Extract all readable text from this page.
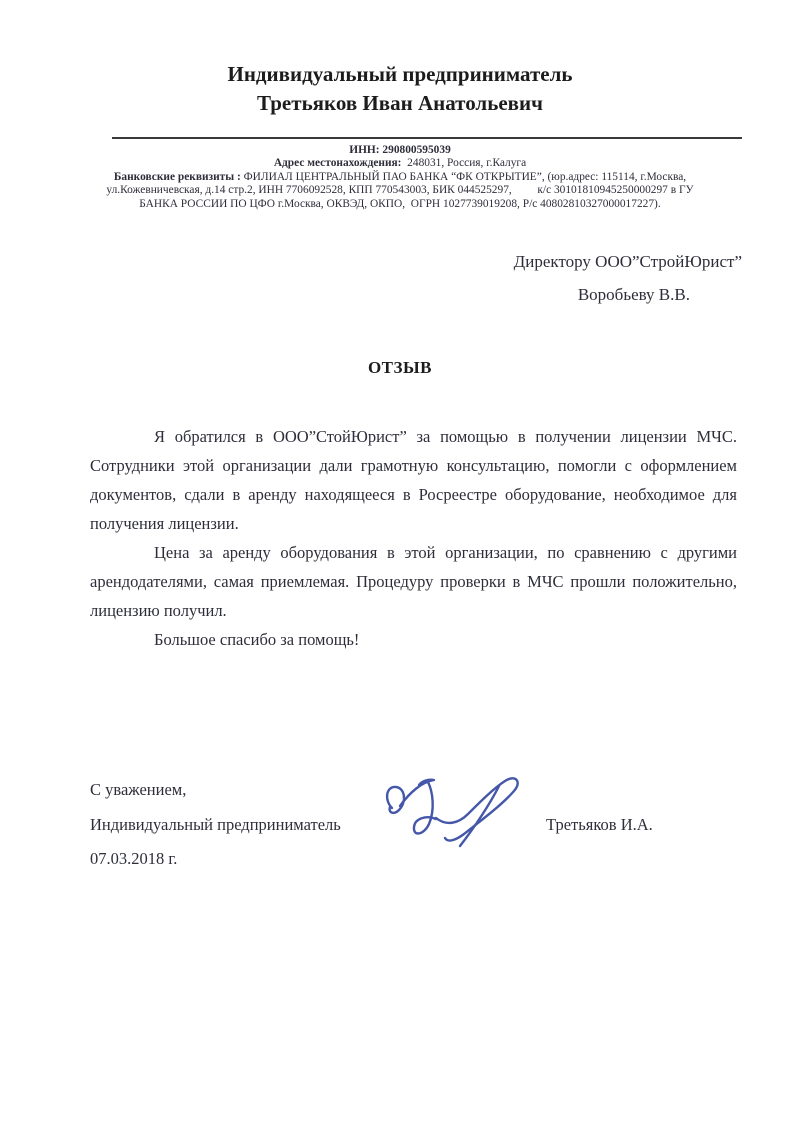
Индивидуальный предприниматель
Третьяков Иван Анатольевич
ИНН: 290800595039
Адрес местонахождения:  248031, Россия, г.Калуга
Банковские реквизиты : ФИЛИАЛ ЦЕНТРАЛЬНЫЙ ПАО БАНКА “ФК ОТКРЫТИЕ”, (юр.адрес: 115114, г.Москва,
ул.Кожевничевская, д.14 стр.2, ИНН 7706092528, КПП 770543003, БИК 044525297,         к/с 30101810945250000297 в ГУ
БАНКА РОССИИ ПО ЦФО г.Москва, ОКВЭД, ОКПО,  ОГРН 1027739019208, Р/с 40802810327000017227).
Директору ООО”СтройЮрист”
Воробьеву В.В.
ОТЗЫВ

Я обратился в ООО”СтойЮрист” за помощью в получении лицензии МЧС. Сотрудники этой организации дали грамотную консультацию, помогли с оформлением документов, сдали в аренду находящееся в Росреестре оборудование, необходимое для получения лицензии.

Цена за аренду оборудования в этой организации, по сравнению с другими арендодателями, самая приемлемая. Процедуру проверки в МЧС прошли положительно, лицензию получил.

Большое спасибо за помощь!

С уважением,
Индивидуальный предприниматель	Третьяков И.А.
07.03.2018 г.
